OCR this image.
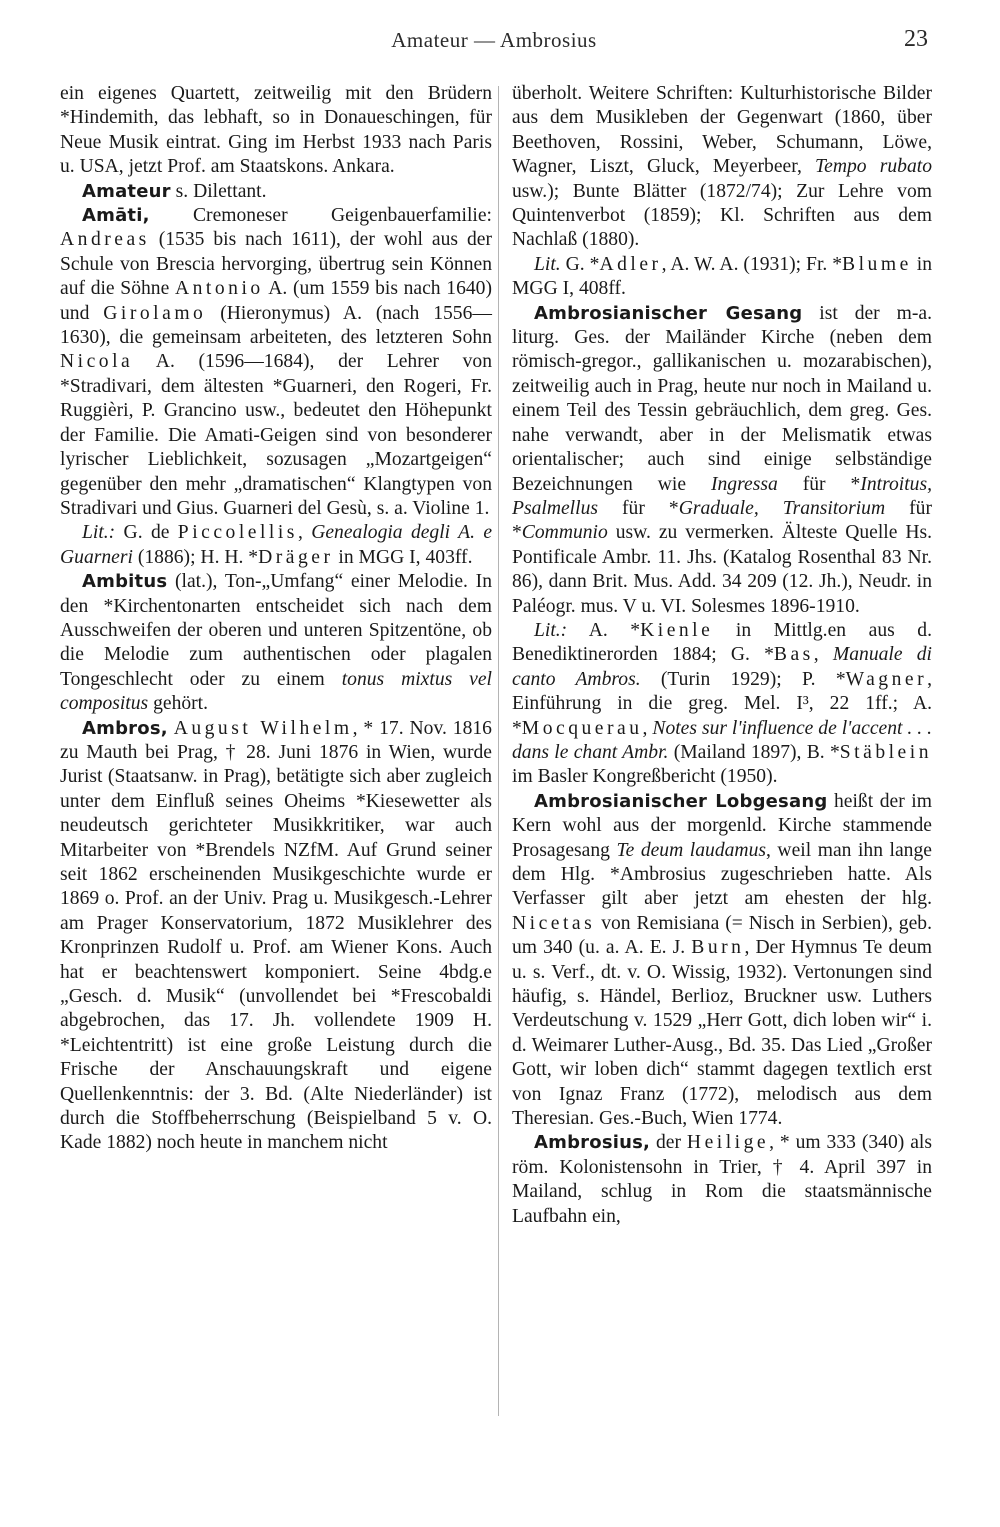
Amateur — Ambrosius	23

ein eigenes Quartett, zeitweilig mit den Brüdern *Hindemith, das lebhaft, so in Donaueschingen, für Neue Musik eintrat. Ging im Herbst 1933 nach Paris u. USA, jetzt Prof. am Staatskons. Ankara.

Amateur s. Dilettant.

Amāti, Cremoneser Geigenbauerfamilie: Andreas (1535 bis nach 1611), der wohl aus der Schule von Brescia hervorging, übertrug sein Können auf die Söhne Antonio A. (um 1559 bis nach 1640) und Girolamo (Hieronymus) A. (nach 1556—1630), die gemeinsam arbeiteten, des letzteren Sohn Nicola A. (1596—1684), der Lehrer von *Stradivari, dem ältesten *Guarneri, den Rogeri, Fr. Ruggièri, P. Grancino usw., bedeutet den Höhepunkt der Familie. Die Amati-Geigen sind von besonderer lyrischer Lieblichkeit, sozusagen „Mozartgeigen“ gegenüber den mehr „dramatischen“ Klangtypen von Stradivari und Gius. Guarneri del Gesù, s. a. Violine 1.

Lit.: G. de Piccolellis, Genealogia degli A. e Guarneri (1886); H. H. *Dräger in MGG I, 403ff.

Ambitus (lat.), Ton-„Umfang“ einer Melodie. In den *Kirchentonarten entscheidet sich nach dem Ausschweifen der oberen und unteren Spitzentöne, ob die Melodie zum authentischen oder plagalen Tongeschlecht oder zu einem tonus mixtus vel compositus gehört.

Ambros, August Wilhelm, * 17. Nov. 1816 zu Mauth bei Prag, † 28. Juni 1876 in Wien, wurde Jurist (Staatsanw. in Prag), betätigte sich aber zugleich unter dem Einfluß seines Oheims *Kiesewetter als neudeutsch gerichteter Musikkritiker, war auch Mitarbeiter von *Brendels NZfM. Auf Grund seiner seit 1862 erscheinenden Musikgeschichte wurde er 1869 o. Prof. an der Univ. Prag u. Musikgesch.-Lehrer am Prager Konservatorium, 1872 Musiklehrer des Kronprinzen Rudolf u. Prof. am Wiener Kons. Auch hat er beachtenswert komponiert. Seine 4bdg.e „Gesch. d. Musik“ (unvollendet bei *Frescobaldi abgebrochen, das 17. Jh. vollendete 1909 H. *Leichtentritt) ist eine große Leistung durch die Frische der Anschauungskraft und eigene Quellenkenntnis: der 3. Bd. (Alte Niederländer) ist durch die Stoffbeherrschung (Beispielband 5 v. O. Kade 1882) noch heute in manchem nicht

überholt. Weitere Schriften: Kulturhistorische Bilder aus dem Musikleben der Gegenwart (1860, über Beethoven, Rossini, Weber, Schumann, Löwe, Wagner, Liszt, Gluck, Meyerbeer, Tempo rubato usw.); Bunte Blätter (1872/74); Zur Lehre vom Quintenverbot (1859); Kl. Schriften aus dem Nachlaß (1880).

Lit. G. *Adler, A. W. A. (1931); Fr. *Blume in MGG I, 408ff.

Ambrosianischer Gesang ist der m-a. liturg. Ges. der Mailänder Kirche (neben dem römisch-gregor., gallikanischen u. mozarabischen), zeitweilig auch in Prag, heute nur noch in Mailand u. einem Teil des Tessin gebräuchlich, dem greg. Ges. nahe verwandt, aber in der Melismatik etwas orientalischer; auch sind einige selbständige Bezeichnungen wie Ingressa für *Introitus, Psalmellus für *Graduale, Transitorium für *Communio usw. zu vermerken. Älteste Quelle Hs. Pontificale Ambr. 11. Jhs. (Katalog Rosenthal 83 Nr. 86), dann Brit. Mus. Add. 34 209 (12. Jh.), Neudr. in Paléogr. mus. V u. VI. Solesmes 1896-1910.

Lit.: A. *Kienle in Mittlg.en aus d. Benediktinerorden 1884; G. *Bas, Manuale di canto Ambros. (Turin 1929); P. *Wagner, Einführung in die greg. Mel. I³, 22 1ff.; A. *Mocquerau, Notes sur l'influence de l'accent . . . dans le chant Ambr. (Mailand 1897), B. *Stäblein im Basler Kongreßbericht (1950).

Ambrosianischer Lobgesang heißt der im Kern wohl aus der morgenld. Kirche stammende Prosagesang Te deum laudamus, weil man ihn lange dem Hlg. *Ambrosius zugeschrieben hatte. Als Verfasser gilt aber jetzt am ehesten der hlg. Nicetas von Remisiana (= Nisch in Serbien), geb. um 340 (u. a. A. E. J. Burn, Der Hymnus Te deum u. s. Verf., dt. v. O. Wissig, 1932). Vertonungen sind häufig, s. Händel, Berlioz, Bruckner usw. Luthers Verdeutschung v. 1529 „Herr Gott, dich loben wir“ i. d. Weimarer Luther-Ausg., Bd. 35. Das Lied „Großer Gott, wir loben dich“ stammt dagegen textlich erst von Ignaz Franz (1772), melodisch aus dem Theresian. Ges.-Buch, Wien 1774.

Ambrosius, der Heilige, * um 333 (340) als röm. Kolonistensohn in Trier, † 4. April 397 in Mailand, schlug in Rom die staatsmännische Laufbahn ein,
